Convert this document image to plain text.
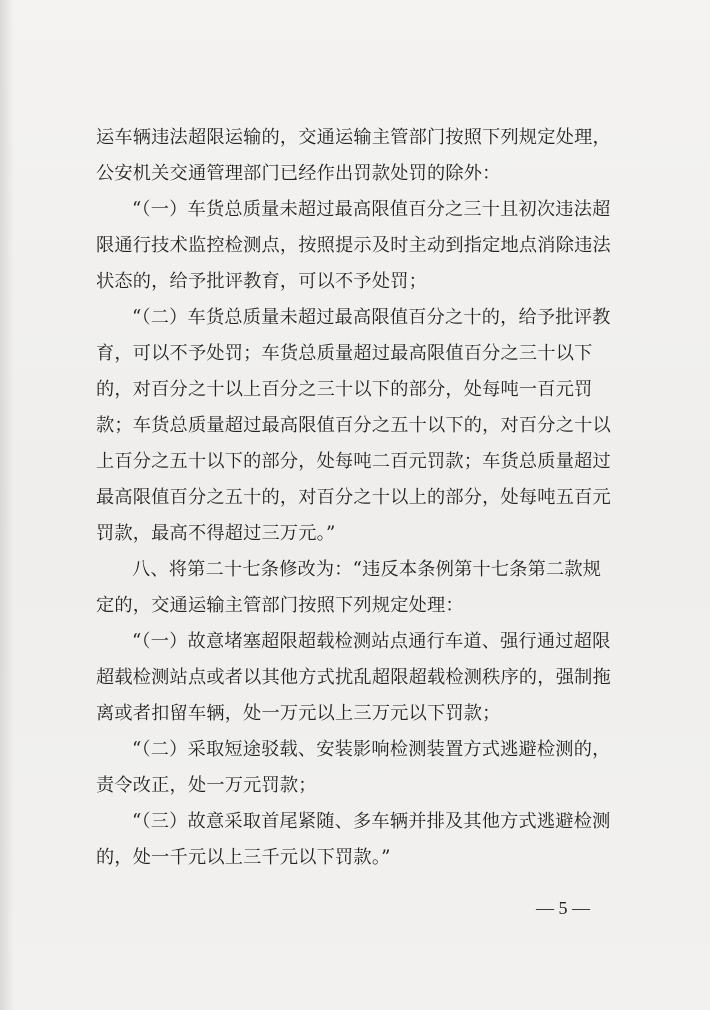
运车辆违法超限运输的，交通运输主管部门按照下列规定处理，
公安机关交通管理部门已经作出罚款处罚的除外：
“（一）车货总质量未超过最高限值百分之三十且初次违法超
限通行技术监控检测点，按照提示及时主动到指定地点消除违法
状态的，给予批评教育，可以不予处罚；
“（二）车货总质量未超过最高限值百分之十的，给予批评教
育，可以不予处罚；车货总质量超过最高限值百分之三十以下
的，对百分之十以上百分之三十以下的部分，处每吨一百元罚
款；车货总质量超过最高限值百分之五十以下的，对百分之十以
上百分之五十以下的部分，处每吨二百元罚款；车货总质量超过
最高限值百分之五十的，对百分之十以上的部分，处每吨五百元
罚款，最高不得超过三万元。”
八、将第二十七条修改为：“违反本条例第十七条第二款规
定的，交通运输主管部门按照下列规定处理：
“（一）故意堵塞超限超载检测站点通行车道、强行通过超限
超载检测站点或者以其他方式扰乱超限超载检测秩序的，强制拖
离或者扣留车辆，处一万元以上三万元以下罚款；
“（二）采取短途驳载、安装影响检测装置方式逃避检测的，
责令改正，处一万元罚款；
“（三）故意采取首尾紧随、多车辆并排及其他方式逃避检测
的，处一千元以上三千元以下罚款。”
— 5 —
